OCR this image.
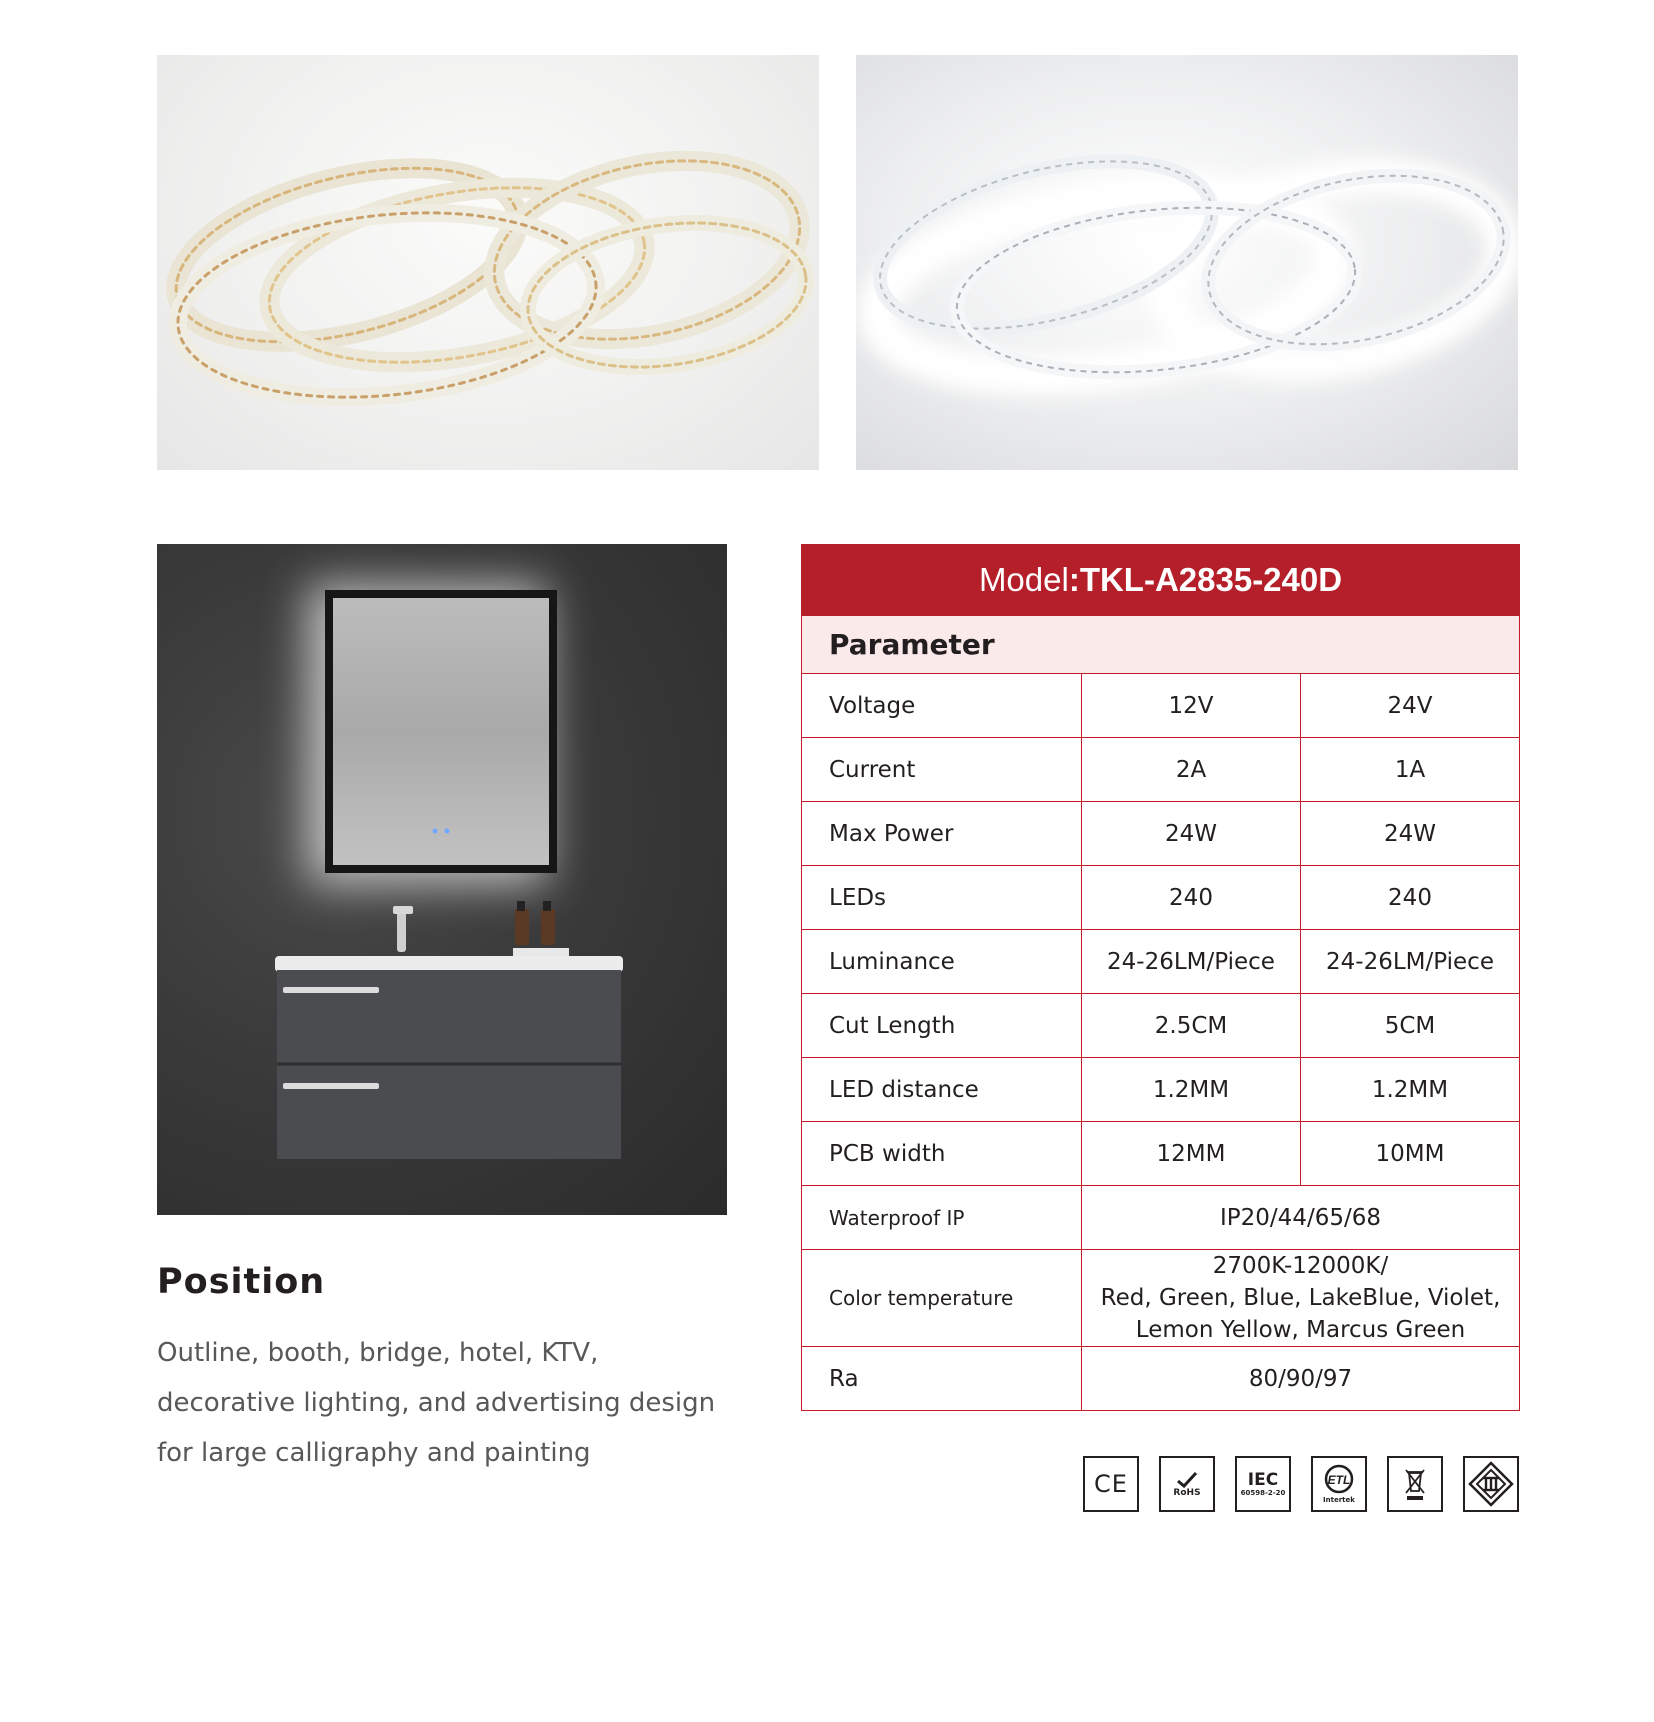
Position

Outline, booth, bridge, hotel, KTV, decorative lighting, and advertising design for large calligraphy and painting

Model:TKL-A2835-240D		
Parameter		
Voltage	12V	24V
Current	2A	1A
Max Power	24W	24W
LEDs	240	240
Luminance	24-26LM/Piece	24-26LM/Piece
Cut Length	2.5CM	5CM
LED distance	1.2MM	1.2MM
PCB width	12MM	10MM
Waterproof IP	IP20/44/65/68	
Color temperature	2700K-12000K/
Red, Green, Blue, LakeBlue, Violet,
Lemon Yellow, Marcus Green	

Ra	80/90/97	
CE	RoHS
IEC
60598-2-20
ETL
Intertek
